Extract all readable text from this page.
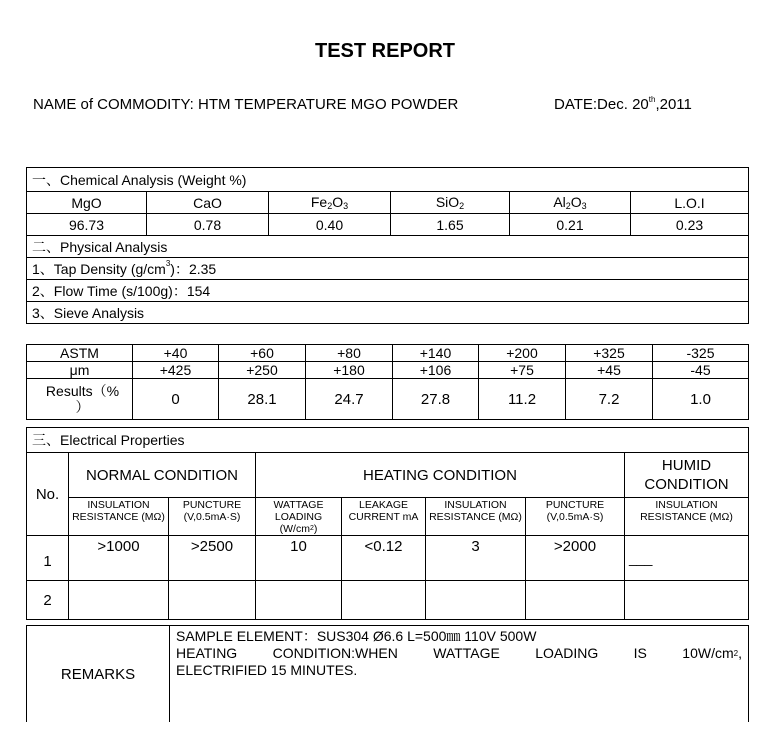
TEST REPORT
NAME of COMMODITY: HTM TEMPERATURE MGO POWDER	DATE:Dec. 20th,2011
一、Chemical Analysis (Weight %)					
MgO	CaO	$Fe_2O_3$	SiO$_2$	$Al_2O_3$	L.O.I
96.73	0.78	0.40	1.65	0.21	0.23
二、Physical Analysis					
1、Tap Density $(g/cm^3)$：2.35					
2、Flow Time (s/100g)：154					
3、Sieve Analysis					
ASTM	+40	+60	+80	+140	+200	+325	-325
μm	+425	+250	+180	+106	+75	+45	-45
Results（%
）	0	28.1	24.7	27.8	11.2	7.2	1.0
三、Electrical Properties							
No.	NORMAL CONDITION		HEATING CONDITION				HUMID CONDITION
	INSULATION RESISTANCE (MΩ)	PUNCTURE (V,0.5mA·S)	WATTAGE LOADING $(W/cm^2)$	LEAKAGE CURRENT mA	INSULATION RESISTANCE (MΩ)	PUNCTURE (V,0.5mA·S)	INSULATION RESISTANCE (MΩ)
1	>1000	>2500	10	<0.12	3	>2000	___
2							
REMARKS	
SAMPLE ELEMENT：SUS304 Ø6.6 L=500㎜ 110V 500W
HEATING CONDITION:WHEN WATTAGE LOADING IS $10W/cm^2$,
ELECTRIFIED 15 MINUTES.
